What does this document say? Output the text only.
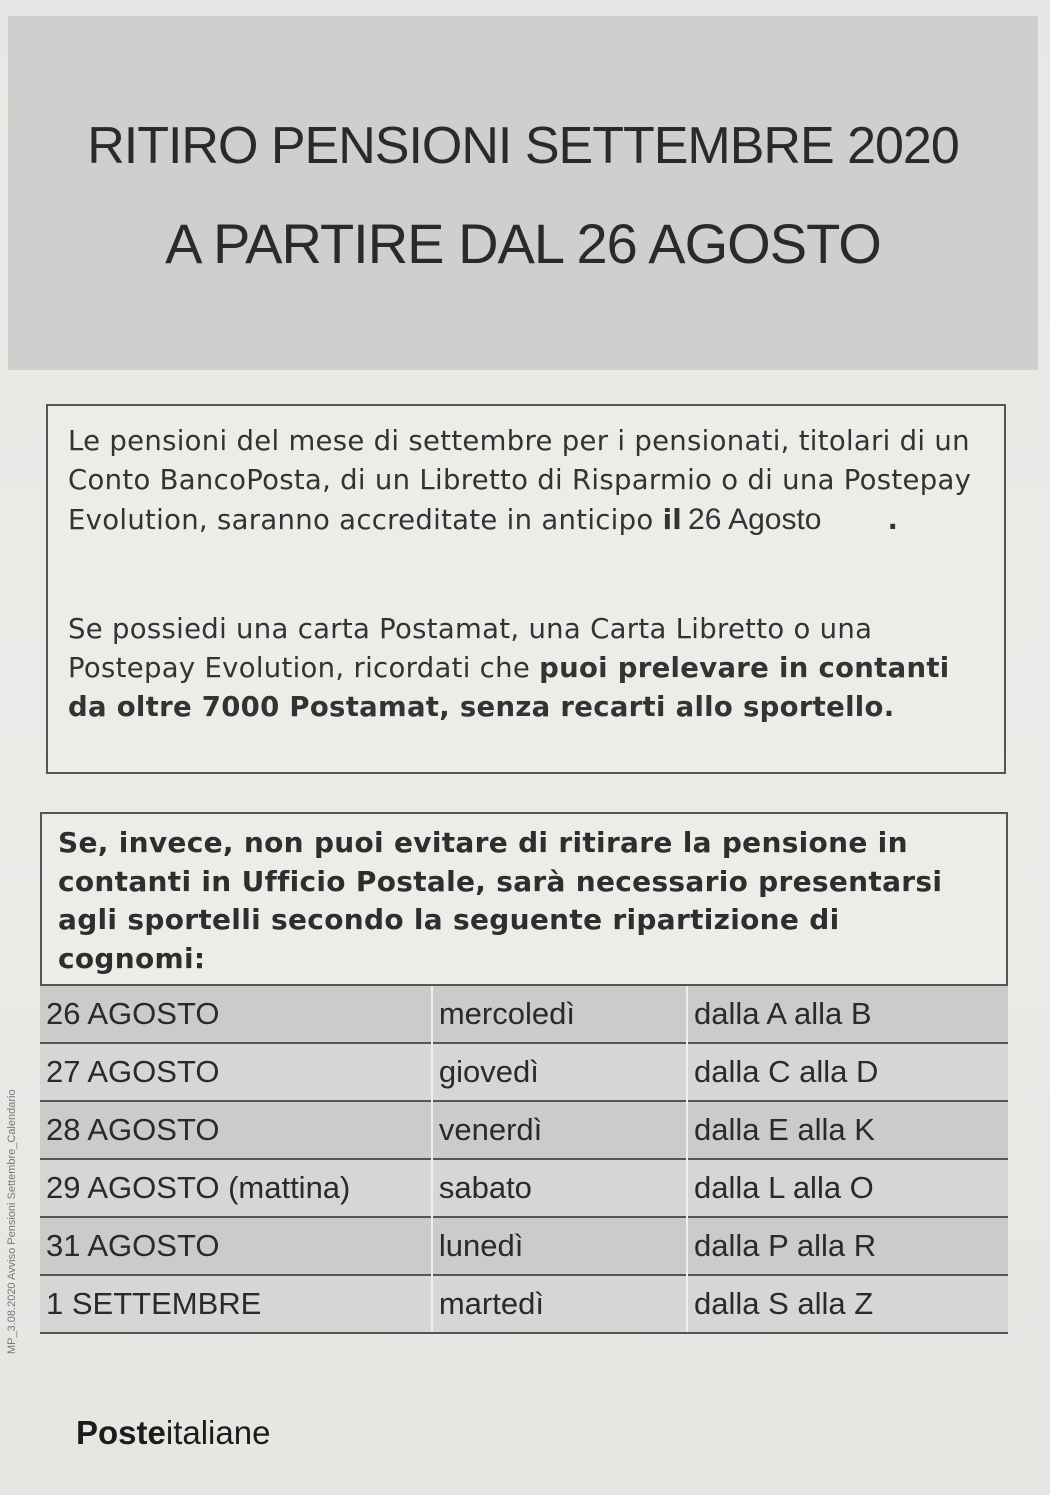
RITIRO PENSIONI SETTEMBRE 2020
A PARTIRE DAL 26 AGOSTO
Le pensioni del mese di settembre per i pensionati, titolari di un Conto BancoPosta, di un Libretto di Risparmio o di una Postepay Evolution, saranno accreditate in anticipo il 26 Agosto .
Se possiedi una carta Postamat, una Carta Libretto o una Postepay Evolution, ricordati che puoi prelevare in contanti da oltre 7000 Postamat, senza recarti allo sportello.
Se, invece, non puoi evitare di ritirare la pensione in contanti in Ufficio Postale, sarà necessario presentarsi agli sportelli secondo la seguente ripartizione di cognomi:
26 AGOSTO	mercoledì	dalla A alla B
27 AGOSTO	giovedì	dalla C alla D
28 AGOSTO	venerdì	dalla E alla K
29 AGOSTO (mattina)	sabato	dalla L alla O
31 AGOSTO	lunedì	dalla P alla R
1 SETTEMBRE	martedì	dalla S alla Z
MP_3.08.2020 Avviso Pensioni Settembre_Calendario
Posteitaliane
